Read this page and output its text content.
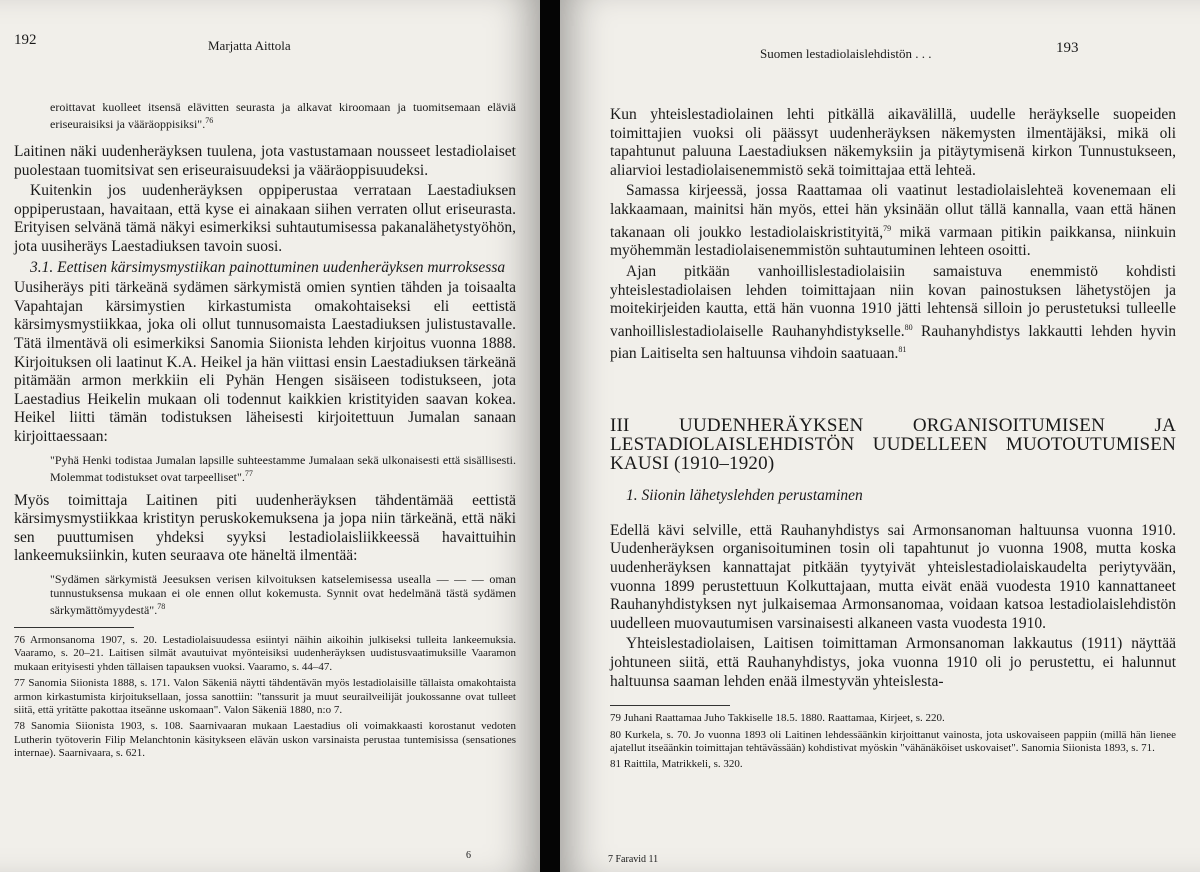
192	Marjatta Aittola
eroittavat kuolleet itsensä elävitten seurasta ja alkavat kiroomaan ja tuomitsemaan eläviä eriseuraisiksi ja vääräoppisiksi".$^{76}$

Laitinen näki uudenheräyksen tuulena, jota vastustamaan nousseet lestadiolaiset puolestaan tuomitsivat sen eriseuraisuudeksi ja vääräoppisuudeksi.

Kuitenkin jos uudenheräyksen oppiperustaa verrataan Laestadiuksen oppiperustaan, havaitaan, että kyse ei ainakaan siihen verraten ollut eriseurasta. Erityisen selvänä tämä näkyi esimerkiksi suhtautumisessa pakanalähetystyöhön, jota uusiheräys Laestadiuksen tavoin suosi.

3.1. Eettisen kärsimysmystiikan painottuminen uudenheräyksen murroksessa

Uusiheräys piti tärkeänä sydämen särkymistä omien syntien tähden ja toisaalta Vapahtajan kärsimystien kirkastumista omakohtaiseksi eli eettistä kärsimysmystiikkaa, joka oli ollut tunnusomaista Laestadiuksen julistustavalle. Tätä ilmentävä oli esimerkiksi Sanomia Siionista lehden kirjoitus vuonna 1888. Kirjoituksen oli laatinut K.A. Heikel ja hän viittasi ensin Laestadiuksen tärkeänä pitämään armon merkkiin eli Pyhän Hengen sisäiseen todistukseen, jota Laestadius Heikelin mukaan oli todennut kaikkien kristityiden saavan kokea. Heikel liitti tämän todistuksen läheisesti kirjoitettuun Jumalan sanaan kirjoittaessaan:

"Pyhä Henki todistaa Jumalan lapsille suhteestamme Jumalaan sekä ulkonaisesti että sisällisesti. Molemmat todistukset ovat tarpeelliset".$^{77}$

Myös toimittaja Laitinen piti uudenheräyksen tähdentämää eettistä kärsimysmystiikkaa kristityn peruskokemuksena ja jopa niin tärkeänä, että näki sen puuttumisen yhdeksi syyksi lestadiolaisliikkeessä havaittuihin lankeemuksiinkin, kuten seuraava ote häneltä ilmentää:

"Sydämen särkymistä Jeesuksen verisen kilvoituksen katselemisessa usealla — — — oman tunnustuksensa mukaan ei ole ennen ollut kokemusta. Synnit ovat hedelmänä tästä sydämen särkymättömyydestä".$^{78}$
76 Armonsanoma 1907, s. 20. Lestadiolaisuudessa esiintyi näihin aikoihin julkiseksi tulleita lankeemuksia. Vaaramo, s. 20–21. Laitisen silmät avautuivat myönteisiksi uudenheräyksen uudistusvaatimuksille Vaaramon mukaan erityisesti yhden tällaisen tapauksen vuoksi. Vaaramo, s. 44–47.
77 Sanomia Siionista 1888, s. 171. Valon Säkeniä näytti tähdentävän myös lestadiolaisille tällaista omakohtaista armon kirkastumista kirjoituksellaan, jossa sanottiin: "tanssurit ja muut seurailveilijät joukossanne ovat tulleet siitä, että yritätte pakottaa itseänne uskomaan". Valon Säkeniä 1880, n:o 7.
78 Sanomia Siionista 1903, s. 108. Saarnivaaran mukaan Laestadius oli voimakkaasti korostanut vedoten Lutherin työtoverin Filip Melanchtonin käsitykseen elävän uskon varsinaista perustaa tuntemisissa (sensationes internae). Saarnivaara, s. 621.
6
Suomen lestadiolaislehdistön . . .	193

Kun yhteislestadiolainen lehti pitkällä aikavälillä, uudelle heräykselle suopeiden toimittajien vuoksi oli päässyt uudenheräyksen näkemysten ilmentäjäksi, mikä oli tapahtunut paluuna Laestadiuksen näkemyksiin ja pitäytymisenä kirkon Tunnustukseen, aliarvioi lestadiolaisenemmistö sekä toimittajaa että lehteä.

Samassa kirjeessä, jossa Raattamaa oli vaatinut lestadiolaislehteä kovenemaan eli lakkaamaan, mainitsi hän myös, ettei hän yksinään ollut tällä kannalla, vaan että hänen takanaan oli joukko lestadiolaiskristityitä,$^{79}$ mikä varmaan pitikin paikkansa, niinkuin myöhemmän lestadiolaisenemmistön suhtautuminen lehteen osoitti.

Ajan pitkään vanhoillislestadiolaisiin samaistuva enemmistö kohdisti yhteislestadiolaisen lehden toimittajaan niin kovan painostuksen lähetystöjen ja moitekirjeiden kautta, että hän vuonna 1910 jätti lehtensä silloin jo perustetuksi tulleelle vanhoillislestadiolaiselle Rauhanyhdistykselle.$^{80}$ Rauhanyhdistys lakkautti lehden hyvin pian Laitiselta sen haltuunsa vihdoin saatuaan.$^{81}$

III UUDENHERÄYKSEN ORGANISOITUMISEN JA LESTADIOLAISLEHDISTÖN UUDELLEEN MUOTOUTUMISEN KAUSI (1910–1920)

1. Siionin lähetyslehden perustaminen

Edellä kävi selville, että Rauhanyhdistys sai Armonsanoman haltuunsa vuonna 1910. Uudenheräyksen organisoituminen tosin oli tapahtunut jo vuonna 1908, mutta koska uudenheräyksen kannattajat pitkään tyytyivät yhteislestadiolaiskaudelta periytyvään, vuonna 1899 perustettuun Kolkuttajaan, mutta eivät enää vuodesta 1910 kannattaneet Rauhanyhdistyksen nyt julkaisemaa Armonsanomaa, voidaan katsoa lestadiolaislehdistön uudelleen muovautumisen varsinaisesti alkaneen vasta vuodesta 1910.

Yhteislestadiolaisen, Laitisen toimittaman Armonsanoman lakkautus (1911) näyttää johtuneen siitä, että Rauhanyhdistys, joka vuonna 1910 oli jo perustettu, ei halunnut haltuunsa saaman lehden enää ilmestyvän yhteislesta-

79 Juhani Raattamaa Juho Takkiselle 18.5. 1880. Raattamaa, Kirjeet, s. 220.
80 Kurkela, s. 70. Jo vuonna 1893 oli Laitinen lehdessäänkin kirjoittanut vainosta, jota uskovaiseen pappiin (millä hän lienee ajatellut itseäänkin toimittajan tehtävässään) kohdistivat myöskin "vähänäköiset uskovaiset". Sanomia Siionista 1893, s. 71.
81 Raittila, Matrikkeli, s. 320.
7 Faravid 11
